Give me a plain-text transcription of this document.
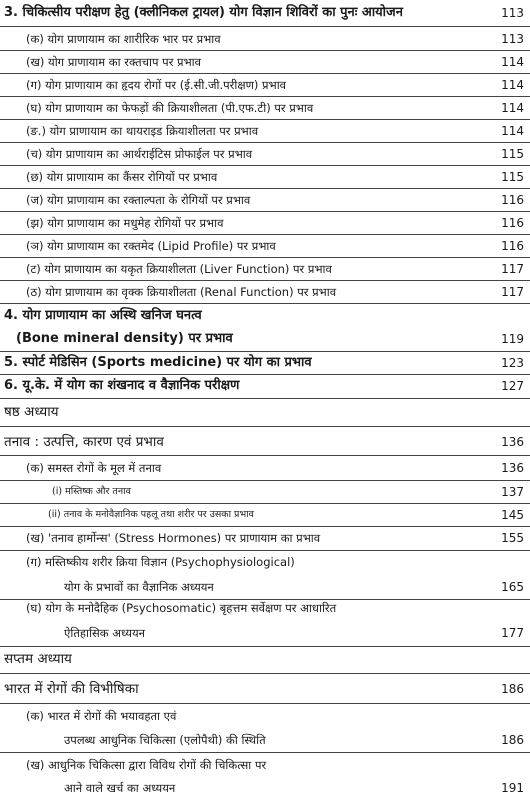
3. चिकित्सीय परीक्षण हेतु (क्लीनिकल ट्रायल) योग विज्ञान शिविरों का पुनः आयोजन	113
(क) योग प्राणायाम का शारीरिक भार पर प्रभाव	113
(ख) योग प्राणायाम का रक्तचाप पर प्रभाव	114
(ग) योग प्राणायाम का हृदय रोगों पर (ई.सी.जी.परीक्षण) प्रभाव	114
(घ) योग प्राणायाम का फेफड़ों की क्रियाशीलता (पी.एफ.टी) पर प्रभाव	114
(ङ.) योग प्राणायाम का थायराइड क्रियाशीलता पर प्रभाव	114
(च) योग प्राणायाम का आर्थराईटिस प्रोफाईल पर प्रभाव	115
(छ) योग प्राणायाम का कैंसर रोगियों पर प्रभाव	115
(ज) योग प्राणायाम का रक्ताल्पता के रोगियों पर प्रभाव	116
(झ) योग प्राणायाम का मधुमेह रोगियों पर प्रभाव	116
(ञ) योग प्राणायाम का रक्तमेद (Lipid Profile) पर प्रभाव	116
(ट) योग प्राणायाम का यकृत क्रियाशीलता (Liver Function) पर प्रभाव	117
(ठ) योग प्राणायाम का वृक्क क्रियाशीलता (Renal Function) पर प्रभाव	117
4. योग प्राणायाम का अस्थि खनिज घनत्व
(Bone mineral density) पर प्रभाव	119
5. स्पोर्ट मेडिसिन (Sports medicine) पर योग का प्रभाव	123
6. यू.के. में योग का शंखनाद व वैज्ञानिक परीक्षण	127
षष्ठ अध्याय
तनाव : उत्पत्ति, कारण एवं प्रभाव	136
(क) समस्त रोगों के मूल में तनाव	136
(i) मस्तिष्क और तनाव	137
(ii) तनाव के मनोवैज्ञानिक पहलू तथा शरीर पर उसका प्रभाव	145
(ख) 'तनाव हार्मोन्स' (Stress Hormones) पर प्राणायाम का प्रभाव	155
(ग) मस्तिष्कीय शरीर क्रिया विज्ञान (Psychophysiological)
योग के प्रभावों का वैज्ञानिक अध्ययन	165
(घ) योग के मनोदैहिक (Psychosomatic) बृहत्तम सर्वेक्षण पर आधारित
ऐतिहासिक अध्ययन	177
सप्तम अध्याय
भारत में रोगों की विभीषिका	186
(क) भारत में रोगों की भयावहता एवं
उपलब्ध आधुनिक चिकित्सा (एलोपैथी) की स्थिति	186
(ख) आधुनिक चिकित्सा द्वारा विविध रोगों की चिकित्सा पर
आने वाले खर्च का अध्ययन	191
